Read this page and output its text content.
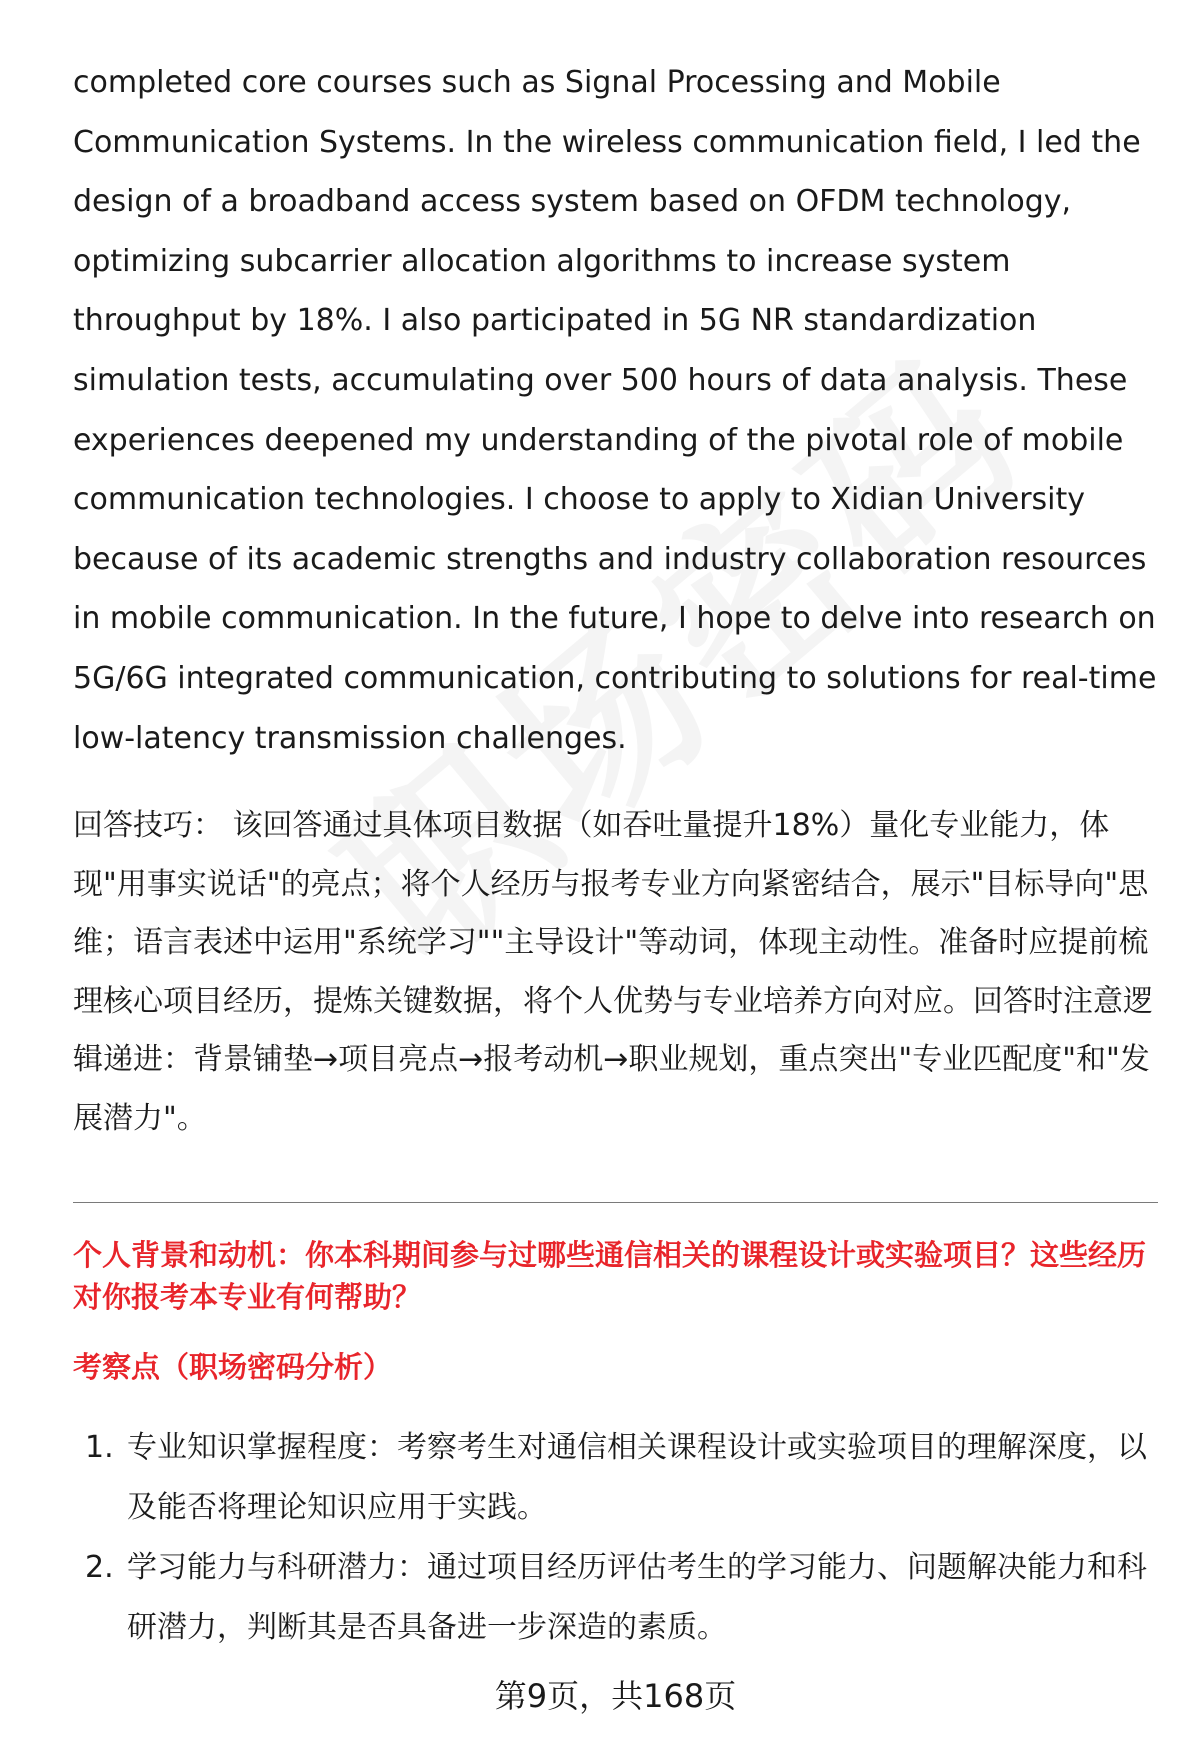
completed core courses such as Signal Processing and Mobile Communication Systems. In the wireless communication field, I led the design of a broadband access system based on OFDM technology, optimizing subcarrier allocation algorithms to increase system throughput by 18%. I also participated in 5G NR standardization simulation tests, accumulating over 500 hours of data analysis. These experiences deepened my understanding of the pivotal role of mobile communication technologies. I choose to apply to Xidian University because of its academic strengths and industry collaboration resources in mobile communication. In the future, I hope to delve into research on 5G/6G integrated communication, contributing to solutions for real-time low-latency transmission challenges.

回答技巧： 该回答通过具体项目数据（如吞吐量提升18%）量化专业能力，体现"用事实说话"的亮点；将个人经历与报考专业方向紧密结合，展示"目标导向"思维；语言表述中运用"系统学习""主导设计"等动词，体现主动性。准备时应提前梳理核心项目经历，提炼关键数据，将个人优势与专业培养方向对应。回答时注意逻辑递进：背景铺垫→项目亮点→报考动机→职业规划，重点突出"专业匹配度"和"发展潜力"。

个人背景和动机：你本科期间参与过哪些通信相关的课程设计或实验项目？这些经历对你报考本专业有何帮助？
考察点（职场密码分析）
1. 专业知识掌握程度：考察考生对通信相关课程设计或实验项目的理解深度，以及能否将理论知识应用于实践。
2. 学习能力与科研潜力：通过项目经历评估考生的学习能力、问题解决能力和科研潜力，判断其是否具备进一步深造的素质。
第9页，共168页
